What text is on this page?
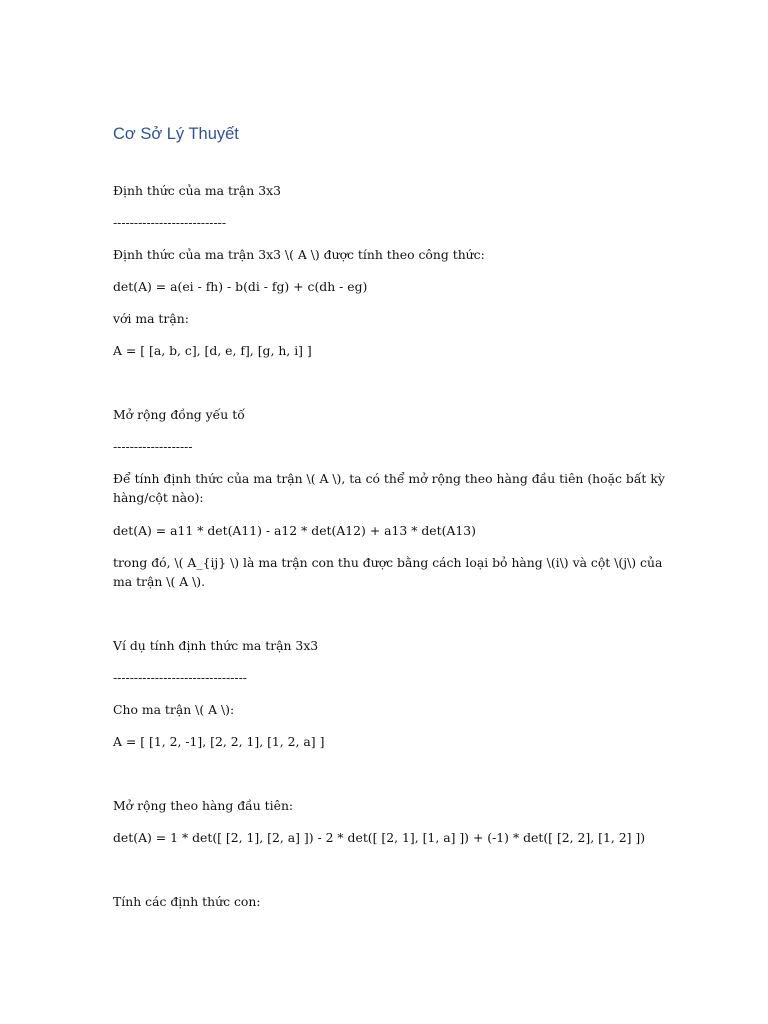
Cơ Sở Lý Thuyết

Định thức của ma trận 3x3

---------------------------

Định thức của ma trận 3x3 \( A \) được tính theo công thức:

det(A) = a(ei - fh) - b(di - fg) + c(dh - eg)

với ma trận:

A = [ [a, b, c], [d, e, f], [g, h, i] ]

Mở rộng đồng yếu tố

-------------------

Để tính định thức của ma trận \( A \), ta có thể mở rộng theo hàng đầu tiên (hoặc bất kỳ hàng/cột nào):

det(A) = a11 * det(A11) - a12 * det(A12) + a13 * det(A13)

trong đó, \( A_{ij} \) là ma trận con thu được bằng cách loại bỏ hàng \(i\) và cột \(j\) của ma trận \( A \).

Ví dụ tính định thức ma trận 3x3

--------------------------------

Cho ma trận \( A \):

A = [ [1, 2, -1], [2, 2, 1], [1, 2, a] ]

Mở rộng theo hàng đầu tiên:

det(A) = 1 * det([ [2, 1], [2, a] ]) - 2 * det([ [2, 1], [1, a] ]) + (-1) * det([ [2, 2], [1, 2] ])

Tính các định thức con:
